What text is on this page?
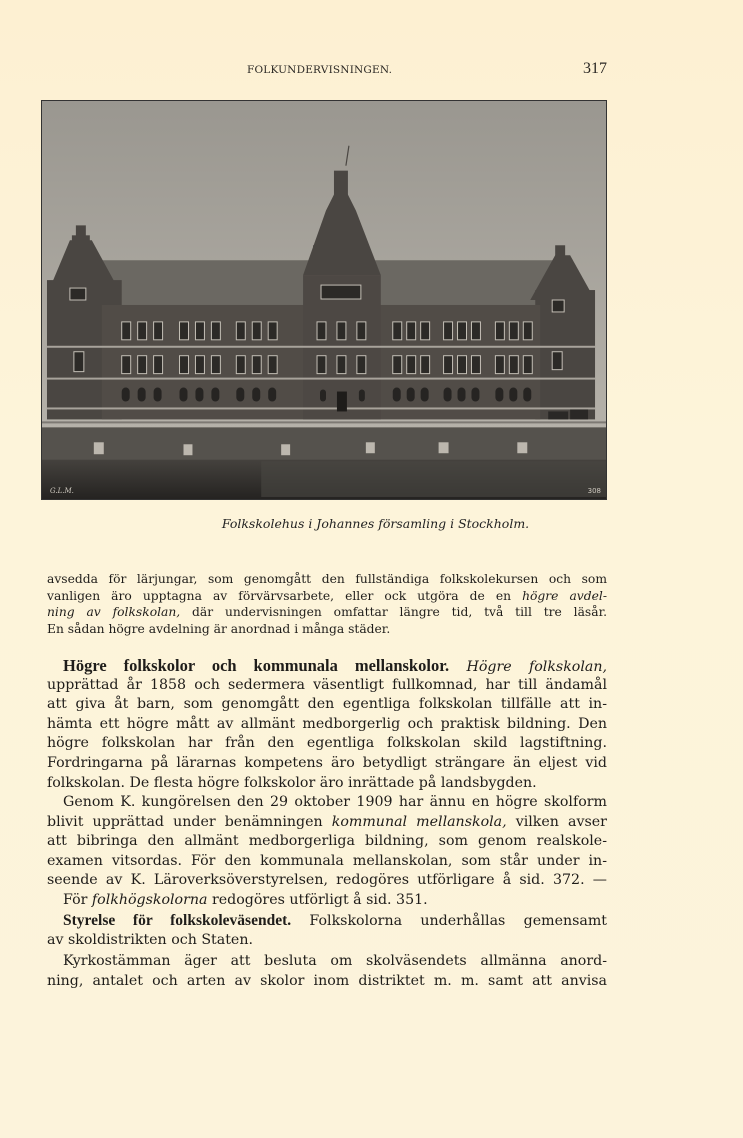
FOLKUNDERVISNINGEN.	317
G.L.M.	308
Folkskolehus i Johannes församling i Stockholm.
avsedda för lärjungar, som genomgått den fullständiga folkskolekursen och som
vanligen äro upptagna av förvärvsarbete, eller ock utgöra de en högre avdel-
ning av folkskolan, där undervisningen omfattar längre tid, två till tre läsår.
En sådan högre avdelning är anordnad i många städer.
Högre folkskolor och kommunala mellanskolor. Högre folkskolan,
upprättad år 1858 och sedermera väsentligt fullkomnad, har till ändamål
att giva åt barn, som genomgått den egentliga folkskolan tillfälle att in-
hämta ett högre mått av allmänt medborgerlig och praktisk bildning. Den
högre folkskolan har från den egentliga folkskolan skild lagstiftning.
Fordringarna på lärarnas kompetens äro betydligt strängare än eljest vid
folkskolan. De flesta högre folkskolor äro inrättade på landsbygden.
Genom K. kungörelsen den 29 oktober 1909 har ännu en högre skolform
blivit upprättad under benämningen kommunal mellanskola, vilken avser
att bibringa den allmänt medborgerliga bildning, som genom realskole-
examen vitsordas. För den kommunala mellanskolan, som står under in-
seende av K. Läroverksöverstyrelsen, redogöres utförligare å sid. 372. —
För folkhögskolorna redogöres utförligt å sid. 351.
Styrelse för folkskoleväsendet. Folkskolorna underhållas gemensamt
av skoldistrikten och Staten.
Kyrkostämman äger att besluta om skolväsendets allmänna anord-
ning, antalet och arten av skolor inom distriktet m. m. samt att anvisa
